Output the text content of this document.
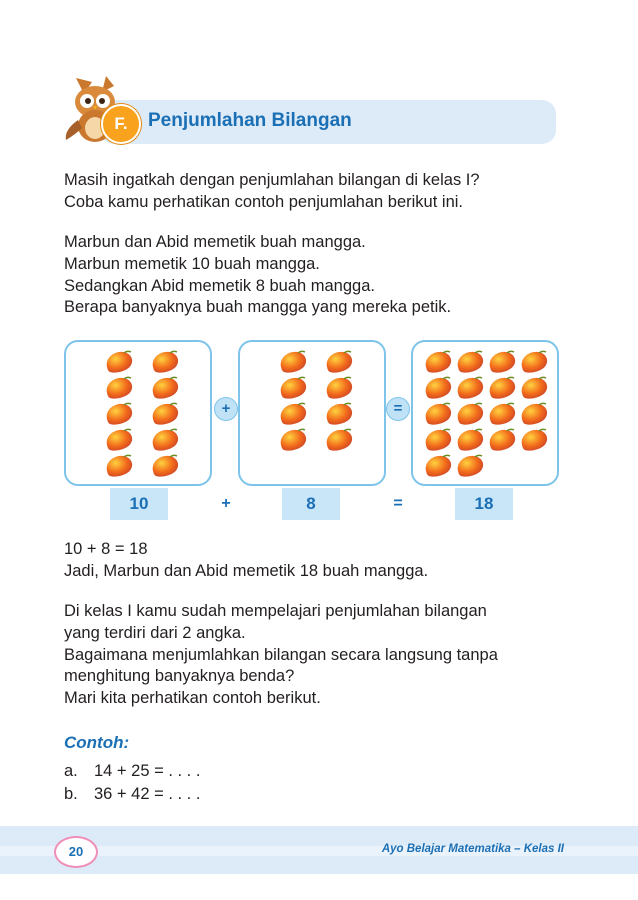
F.	Penjumlahan Bilangan
Masih ingatkah dengan penjumlahan bilangan di kelas I?
Coba kamu perhatikan contoh penjumlahan berikut ini.
Marbun dan Abid memetik buah mangga.
Marbun memetik 10 buah mangga.
Sedangkan Abid memetik 8 buah mangga.
Berapa banyaknya buah mangga yang mereka petik.
+	=
10	+	8	=	18
10 + 8 = 18
Jadi, Marbun dan Abid memetik 18 buah mangga.
Di kelas I kamu sudah mempelajari penjumlahan bilangan
yang terdiri dari 2 angka.
Bagaimana menjumlahkan bilangan secara langsung tanpa
menghitung banyaknya benda?
Mari kita perhatikan contoh berikut.
Contoh:
a. 14 + 25 = . . . .
b. 36 + 42 = . . . .
20	Ayo Belajar Matematika – Kelas II
